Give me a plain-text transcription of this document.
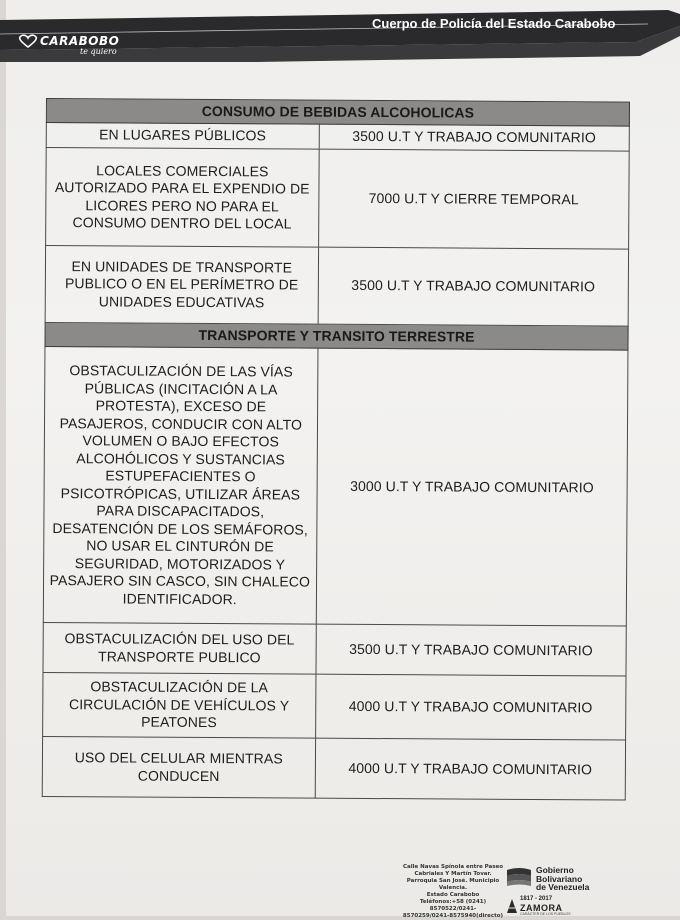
CARABOBO
te quiero
Cuerpo de Policía del Estado Carabobo
CONSUMO DE BEBIDAS ALCOHOLICAS	
EN LUGARES PÚBLICOS	3500 U.T Y TRABAJO COMUNITARIO
LOCALES COMERCIALES AUTORIZADO PARA EL EXPENDIO DE LICORES PERO NO PARA EL CONSUMO DENTRO DEL LOCAL	7000 U.T Y CIERRE TEMPORAL
EN UNIDADES DE TRANSPORTE PUBLICO O EN EL PERÍMETRO DE UNIDADES EDUCATIVAS	3500 U.T Y TRABAJO COMUNITARIO
TRANSPORTE Y TRANSITO TERRESTRE	
OBSTACULIZACIÓN DE LAS VÍAS PÚBLICAS (INCITACIÓN A LA PROTESTA), EXCESO DE PASAJEROS, CONDUCIR CON ALTO VOLUMEN O BAJO EFECTOS ALCOHÓLICOS Y SUSTANCIAS ESTUPEFACIENTES O PSICOTRÓPICAS, UTILIZAR ÁREAS PARA DISCAPACITADOS, DESATENCIÓN DE LOS SEMÁFOROS, NO USAR EL CINTURÓN DE SEGURIDAD, MOTORIZADOS Y PASAJERO SIN CASCO, SIN CHALECO IDENTIFICADOR.	3000 U.T Y TRABAJO COMUNITARIO
OBSTACULIZACIÓN DEL USO DEL TRANSPORTE PUBLICO	3500 U.T Y TRABAJO COMUNITARIO
OBSTACULIZACIÓN DE LA CIRCULACIÓN DE VEHÍCULOS Y PEATONES	4000 U.T Y TRABAJO COMUNITARIO
USO DEL CELULAR MIENTRAS CONDUCEN	4000 U.T Y TRABAJO COMUNITARIO
Calle Navas Spínola entre Paseo
Cabriales Y Martín Tovar.
Parroquia San José. Municipio Valencia.
Estado Carabobo
Teléfonos:+58 (0241) 8570522/0241-
8570259/0241-8575940(directo)
Gobierno
Bolivariano
de Venezuela
1817 - 2017
ZAMORA
CARÁCTER DE LOS PUEBLOS
